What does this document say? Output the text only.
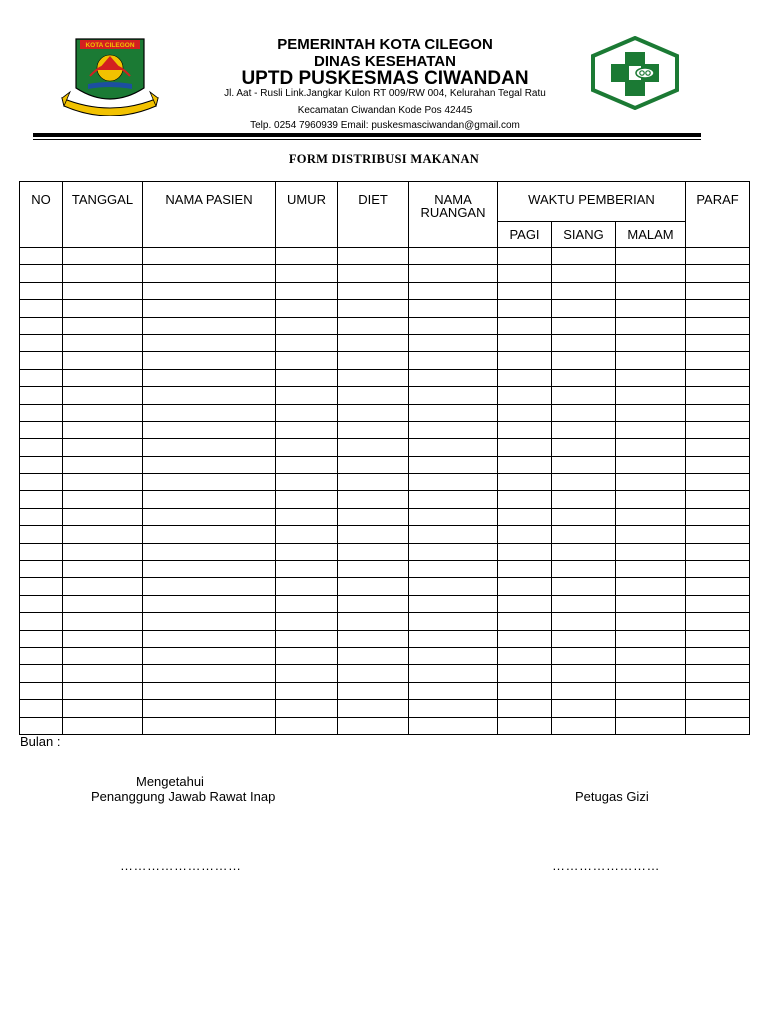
KOTA CILEGON	PEMERINTAH KOTA CILEGON
DINAS KESEHATAN
UPTD PUSKESMAS CIWANDAN
Jl. Aat - Rusli Link.Jangkar Kulon RT 009/RW 004, Kelurahan Tegal Ratu
Kecamatan Ciwandan Kode Pos 42445
Telp. 0254 7960939 Email: puskesmasciwandan@gmail.com
FORM DISTRIBUSI MAKANAN
NO	TANGGAL	NAMA PASIEN	UMUR	DIET	NAMA RUANGAN	WAKTU PEMBERIAN			PARAF
						PAGI	SIANG	MALAM	

Bulan :
Mengetahui
Penanggung Jawab Rawat Inap	Petugas Gizi
………………………	……………………
